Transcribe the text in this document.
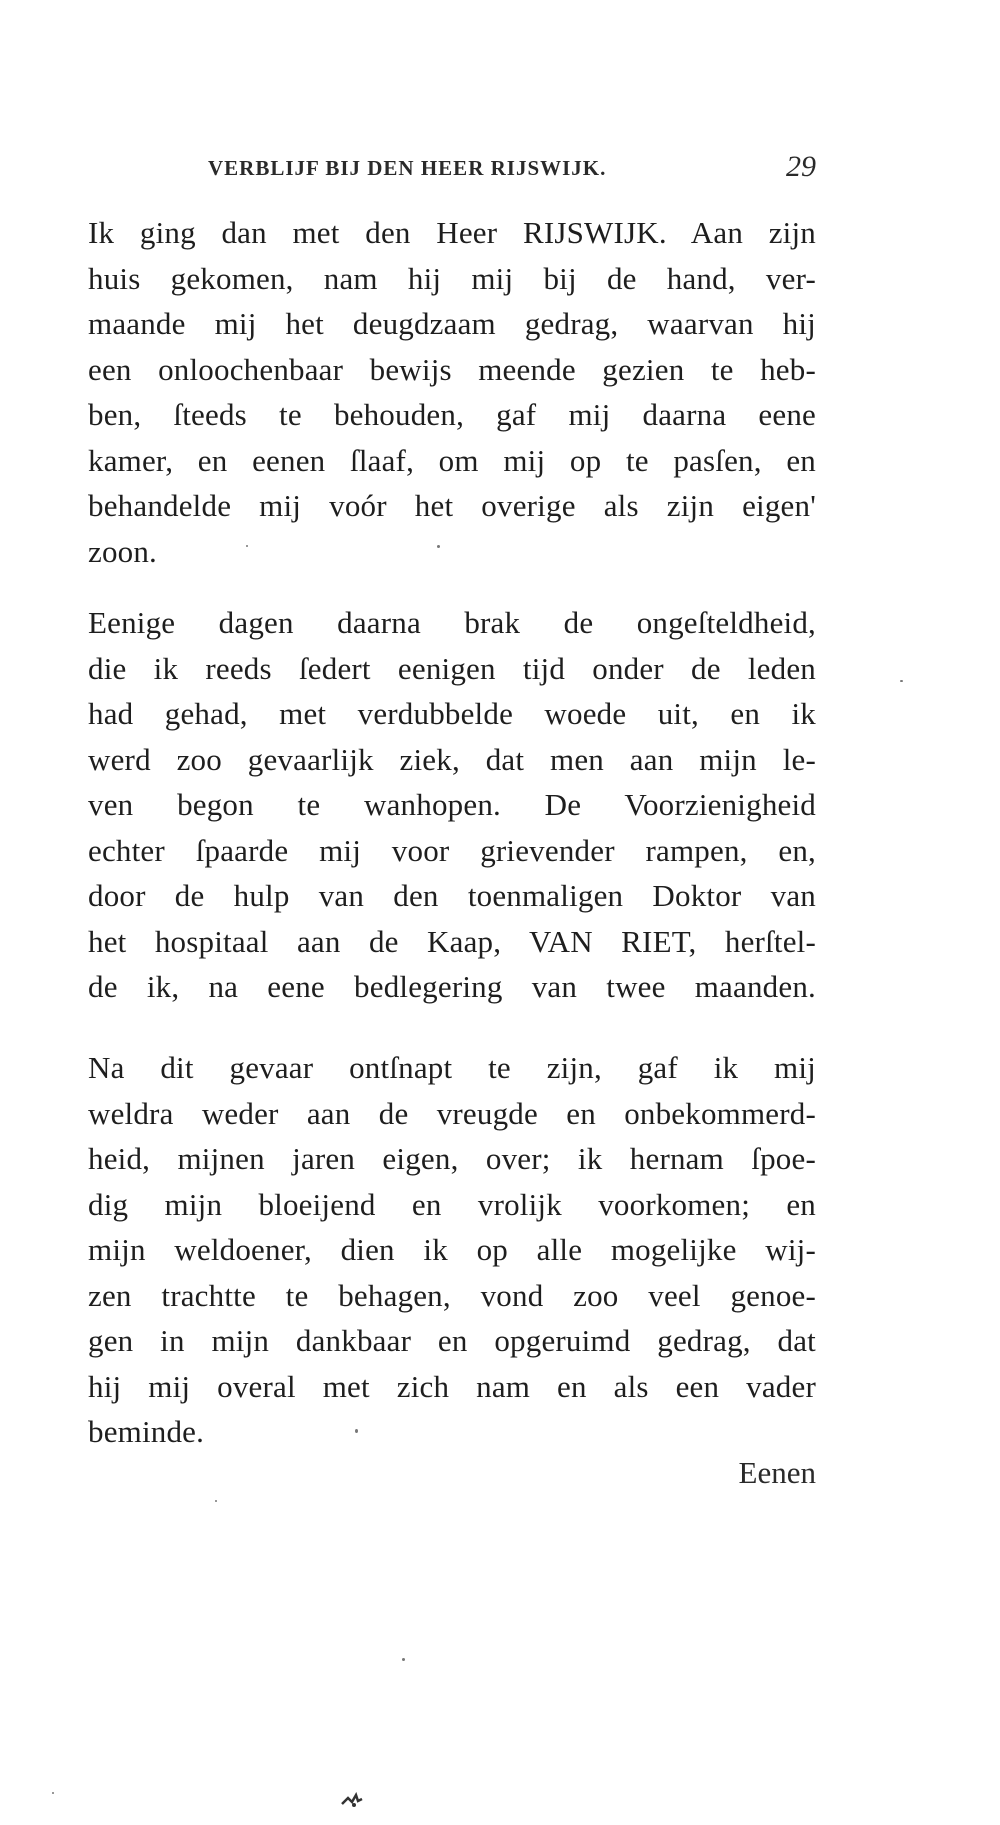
VERBLIJF BIJ DEN HEER RIJSWIJK.	29
Ik ging dan met den Heer RIJSWIJK. Aan zijn
huis gekomen, nam hij mij bij de hand, ver-
maande mij het deugdzaam gedrag, waarvan hij
een onloochenbaar bewijs meende gezien te heb-
ben, ſteeds te behouden, gaf mij daarna eene
kamer, en eenen ſlaaf, om mij op te pasſen, en
behandelde mij voór het overige als zijn eigen'
zoon.
Eenige dagen daarna brak de ongeſteldheid,
die ik reeds ſedert eenigen tijd onder de leden
had gehad, met verdubbelde woede uit, en ik
werd zoo gevaarlijk ziek, dat men aan mijn le-
ven begon te wanhopen. De Voorzienigheid
echter ſpaarde mij voor grievender rampen, en,
door de hulp van den toenmaligen Doktor van
het hospitaal aan de Kaap, VAN RIET, herſtel-
de ik, na eene bedlegering van twee maanden.
Na dit gevaar ontſnapt te zijn, gaf ik mij
weldra weder aan de vreugde en onbekommerd-
heid, mijnen jaren eigen, over; ik hernam ſpoe-
dig mijn bloeijend en vrolijk voorkomen; en
mijn weldoener, dien ik op alle mogelijke wij-
zen trachtte te behagen, vond zoo veel genoe-
gen in mijn dankbaar en opgeruimd gedrag, dat
hij mij overal met zich nam en als een vader
beminde.
Eenen
